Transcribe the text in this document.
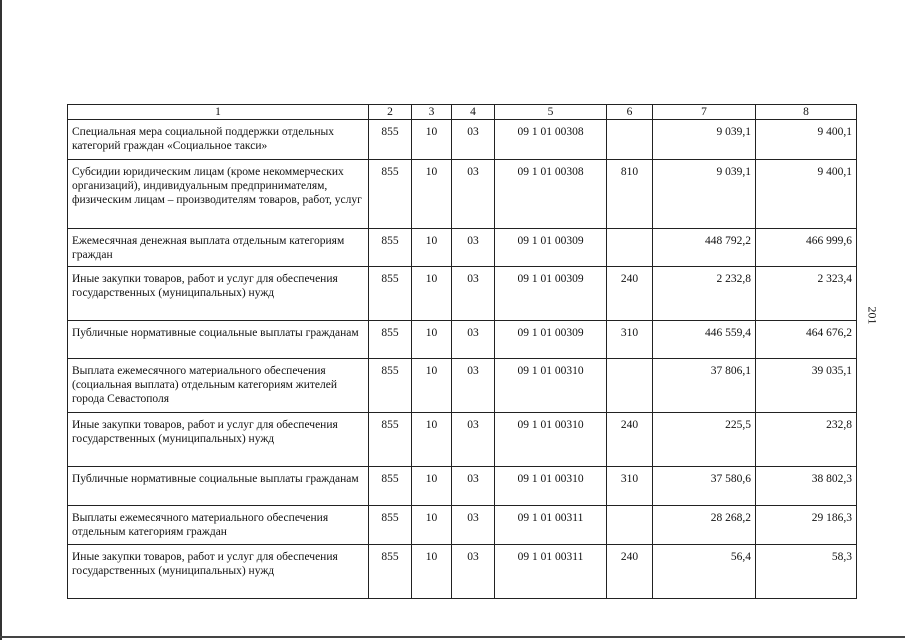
201
1	2	3	4	5	6	7	8
Специальная мера социальной поддержки отдельных категорий граждан «Социальное такси»	855	10	03	09 1 01 00308		9 039,1	9 400,1
Субсидии юридическим лицам (кроме некоммерческих организаций), индивидуальным предпринимателям, физическим лицам – производителям товаров, работ, услуг	855	10	03	09 1 01 00308	810	9 039,1	9 400,1
Ежемесячная денежная выплата отдельным категориям граждан	855	10	03	09 1 01 00309		448 792,2	466 999,6
Иные закупки товаров, работ и услуг для обеспечения государственных (муниципальных) нужд	855	10	03	09 1 01 00309	240	2 232,8	2 323,4
Публичные нормативные социальные выплаты гражданам	855	10	03	09 1 01 00309	310	446 559,4	464 676,2
Выплата ежемесячного материального обеспечения (социальная выплата) отдельным категориям жителей города Севастополя	855	10	03	09 1 01 00310		37 806,1	39 035,1
Иные закупки товаров, работ и услуг для обеспечения государственных (муниципальных) нужд	855	10	03	09 1 01 00310	240	225,5	232,8
Публичные нормативные социальные выплаты гражданам	855	10	03	09 1 01 00310	310	37 580,6	38 802,3
Выплаты ежемесячного материального обеспечения отдельным категориям граждан	855	10	03	09 1 01 00311		28 268,2	29 186,3
Иные закупки товаров, работ и услуг для обеспечения государственных (муниципальных) нужд	855	10	03	09 1 01 00311	240	56,4	58,3
